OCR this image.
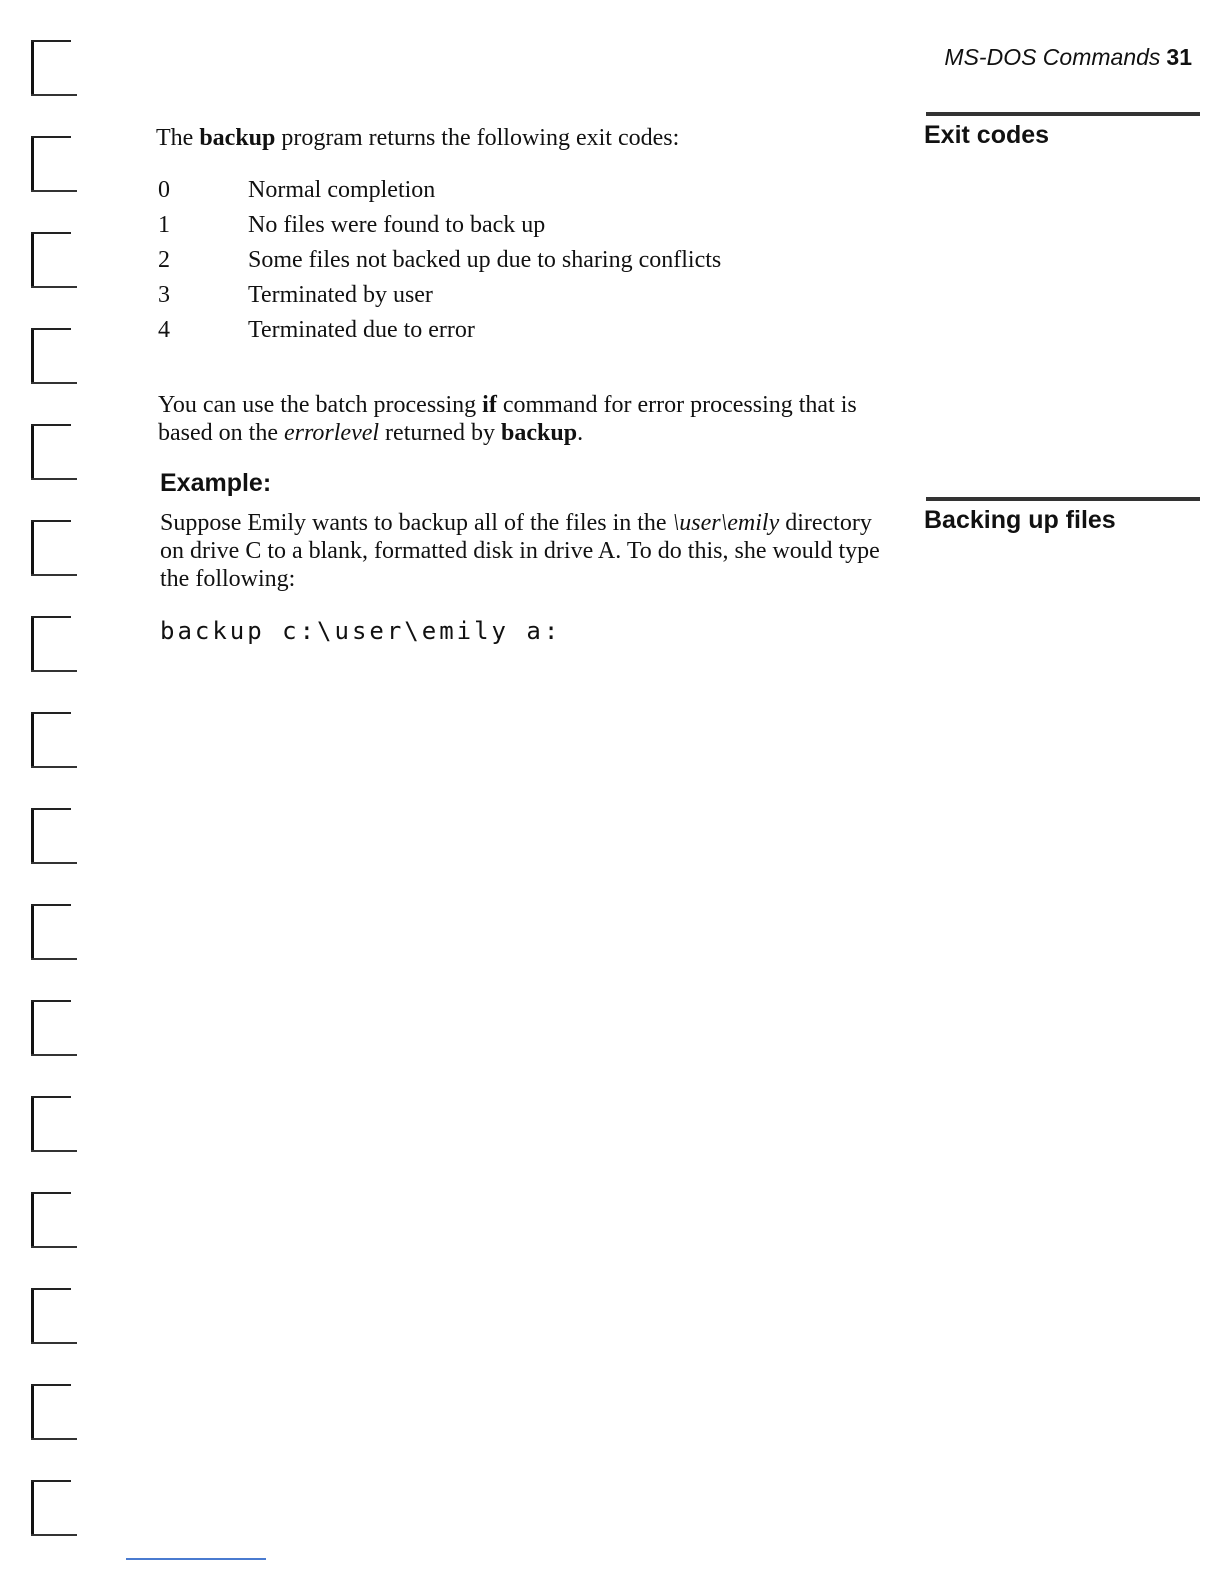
MS-DOS Commands 31
Exit codes
Backing up files

The backup program returns the following exit codes:

0	Normal completion
1	No files were found to back up
2	Some files not backed up due to sharing conflicts
3	Terminated by user
4	Terminated due to error

You can use the batch processing if command for error processing that is based on the errorlevel returned by backup.

Example:

Suppose Emily wants to backup all of the files in the \user\emily directory on drive C to a blank, formatted disk in drive A. To do this, she would type the following:

backup c:\user\emily a:
